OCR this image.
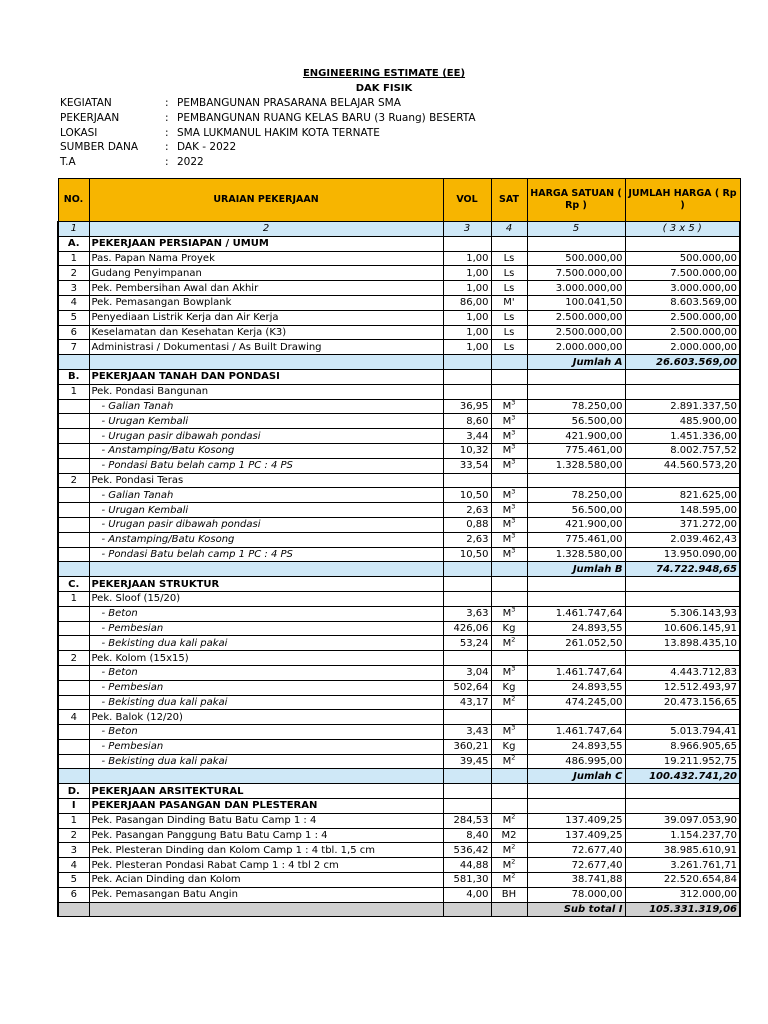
ENGINEERING ESTIMATE (EE)
DAK FISIK
KEGIATAN	: PEMBANGUNAN PRASARANA BELAJAR SMA
PEKERJAAN	: PEMBANGUNAN RUANG KELAS BARU (3 Ruang) BESERTA
LOKASI	: SMA LUKMANUL HAKIM KOTA TERNATE
SUMBER DANA	: DAK - 2022
T.A	: 2022
NO.	URAIAN PEKERJAAN	VOL	SAT	HARGA SATUAN ( Rp )	JUMLAH HARGA ( Rp )
1	2	3	4	5	( 3 x 5 )
A.	PEKERJAAN PERSIAPAN / UMUM				
1	Pas. Papan Nama Proyek	1,00	Ls	500.000,00	500.000,00
2	Gudang Penyimpanan	1,00	Ls	7.500.000,00	7.500.000,00
3	Pek. Pembersihan Awal dan Akhir	1,00	Ls	3.000.000,00	3.000.000,00
4	Pek. Pemasangan Bowplank	86,00	M'	100.041,50	8.603.569,00
5	Penyediaan Listrik Kerja dan Air Kerja	1,00	Ls	2.500.000,00	2.500.000,00
6	Keselamatan dan Kesehatan Kerja (K3)	1,00	Ls	2.500.000,00	2.500.000,00
7	Administrasi / Dokumentasi / As Built Drawing	1,00	Ls	2.000.000,00	2.000.000,00
				Jumlah A	26.603.569,00
B.	PEKERJAAN TANAH DAN PONDASI				
1	Pek. Pondasi Bangunan				
	- Galian Tanah	36,95	$M^3$	78.250,00	2.891.337,50
	- Urugan Kembali	8,60	$M^3$	56.500,00	485.900,00
	- Urugan pasir dibawah pondasi	3,44	$M^3$	421.900,00	1.451.336,00
	- Anstamping/Batu Kosong	10,32	$M^3$	775.461,00	8.002.757,52
	- Pondasi Batu belah camp 1 PC : 4 PS	33,54	$M^3$	1.328.580,00	44.560.573,20
2	Pek. Pondasi Teras				
	- Galian Tanah	10,50	$M^3$	78.250,00	821.625,00
	- Urugan Kembali	2,63	$M^3$	56.500,00	148.595,00
	- Urugan pasir dibawah pondasi	0,88	$M^3$	421.900,00	371.272,00
	- Anstamping/Batu Kosong	2,63	$M^3$	775.461,00	2.039.462,43
	- Pondasi Batu belah camp 1 PC : 4 PS	10,50	$M^3$	1.328.580,00	13.950.090,00
				Jumlah B	74.722.948,65
C.	PEKERJAAN STRUKTUR				
1	Pek. Sloof (15/20)				
	- Beton	3,63	$M^3$	1.461.747,64	5.306.143,93
	- Pembesian	426,06	Kg	24.893,55	10.606.145,91
	- Bekisting dua kali pakai	53,24	$M^2$	261.052,50	13.898.435,10
2	Pek. Kolom (15x15)				
	- Beton	3,04	$M^3$	1.461.747,64	4.443.712,83
	- Pembesian	502,64	Kg	24.893,55	12.512.493,97
	- Bekisting dua kali pakai	43,17	$M^2$	474.245,00	20.473.156,65
4	Pek. Balok (12/20)				
	- Beton	3,43	$M^3$	1.461.747,64	5.013.794,41
	- Pembesian	360,21	Kg	24.893,55	8.966.905,65
	- Bekisting dua kali pakai	39,45	$M^2$	486.995,00	19.211.952,75
				Jumlah C	100.432.741,20
D.	PEKERJAAN ARSITEKTURAL				
I	PEKERJAAN PASANGAN DAN PLESTERAN				
1	Pek. Pasangan Dinding Batu Batu Camp 1 : 4	284,53	$M^2$	137.409,25	39.097.053,90
2	Pek. Pasangan Panggung Batu Batu Camp 1 : 4	8,40	M2	137.409,25	1.154.237,70
3	Pek. Plesteran Dinding dan Kolom Camp 1 : 4 tbl. 1,5 cm	536,42	$M^2$	72.677,40	38.985.610,91
4	Pek. Plesteran Pondasi Rabat Camp 1 : 4 tbl 2 cm	44,88	$M^2$	72.677,40	3.261.761,71
5	Pek. Acian Dinding dan Kolom	581,30	$M^2$	38.741,88	22.520.654,84
6	Pek. Pemasangan Batu Angin	4,00	BH	78.000,00	312.000,00
				Sub total I	105.331.319,06
